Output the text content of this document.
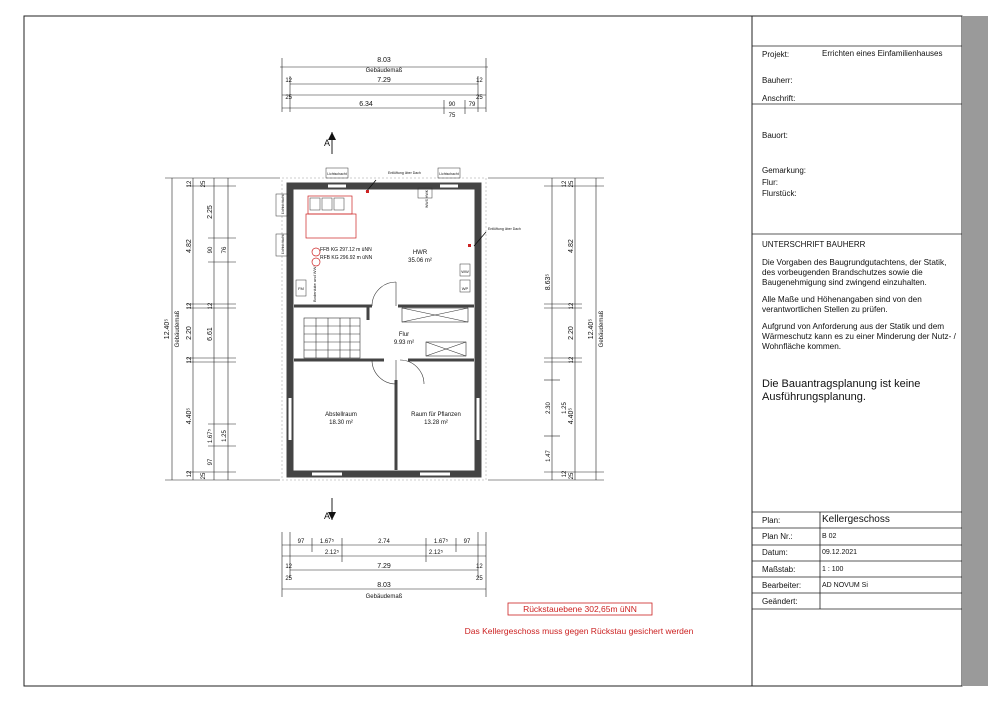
8.03
Gebäudemaß
12	12
7.29
25	25
6.34	90 79
75
A
Lichtschacht	Lichtschacht
Entlüftung über Dach
Entlüftung über Dach
Lichtschacht
Lichtschacht
Bodenluke und WW
WWS HWK
WP
WW
FM
FFB KG 297.12 m üNN
RFB KG 296.92 m üNN
HWR
35.06 m²
Flur
9.93 m²
Abstellraum
18.30 m²
Raum für Pflanzen
13.28 m²
A
97	1.67⁵	2.74	1.67⁵	97
2.12⁵	2.12⁵
7.29
12	12
25	25
8.03
Gebäudemaß
12.40⁵ Gebäudemaß
4.82
12
6.61
12
4.40⁵
12 25
2.25
90 76
2.20
12
1.67⁵ 1.25
97
12 25
12.40⁵ Gebäudemaß
8.63⁵
2.30
1.47
12 25
4.82
12
2.20
12
1.25 4.40⁵
12 25
Rückstauebene 302,65m üNN
Das Kellergeschoss muss gegen Rückstau gesichert werden
Projekt:	Errichten eines Einfamilienhauses
Bauherr:
Anschrift:
Bauort:
Gemarkung:
Flur:
Flurstück:
UNTERSCHRIFT BAUHERR

Die Vorgaben des Baugrundgutachtens, der Statik, des vorbeugenden Brandschutzes sowie die Baugenehmigung sind zwingend einzuhalten.

Alle Maße und Höhenangaben sind von den verantwortlichen Stellen zu prüfen.

Aufgrund von Anforderung aus der Statik und dem Wärmeschutz kann es zu einer Minderung der Nutz- / Wohnfläche kommen.

Die Bauantragsplanung ist keine Ausführungsplanung.
Plan:	Kellergeschoss
Plan Nr.:	B 02
Datum:	09.12.2021
Maßstab:	1 : 100
Bearbeiter:	AD NOVUM Si
Geändert:
